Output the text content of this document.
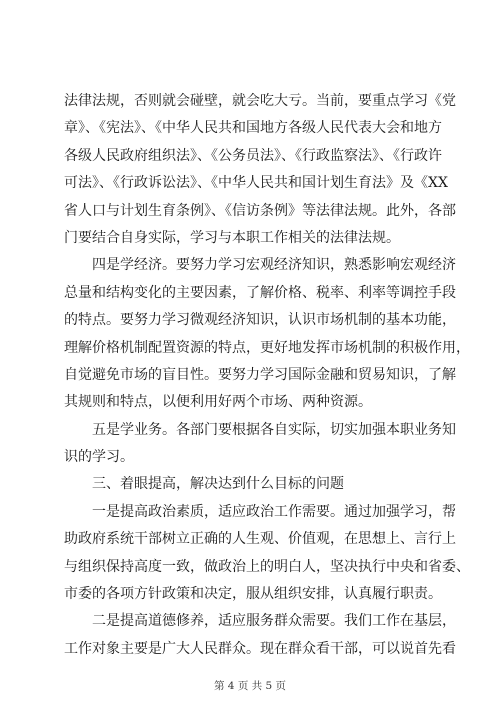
法律法规，否则就会碰壁，就会吃大亏。当前，要重点学习《党
章》、《宪法》、《中华人民共和国地方各级人民代表大会和地方
各级人民政府组织法》、《公务员法》、《行政监察法》、《行政许
可法》、《行政诉讼法》、《中华人民共和国计划生育法》及《XX
省人口与计划生育条例》、《信访条例》等法律法规。此外，各部
门要结合自身实际，学习与本职工作相关的法律法规。
　　四是学经济。要努力学习宏观经济知识，熟悉影响宏观经济
总量和结构变化的主要因素，了解价格、税率、利率等调控手段
的特点。要努力学习微观经济知识，认识市场机制的基本功能，
理解价格机制配置资源的特点，更好地发挥市场机制的积极作用，
自觉避免市场的盲目性。要努力学习国际金融和贸易知识，了解
其规则和特点，以便利用好两个市场、两种资源。
　　五是学业务。各部门要根据各自实际，切实加强本职业务知
识的学习。
　　三、着眼提高，解决达到什么目标的问题
　　一是提高政治素质，适应政治工作需要。通过加强学习，帮
助政府系统干部树立正确的人生观、价值观，在思想上、言行上
与组织保持高度一致，做政治上的明白人，坚决执行中央和省委、
市委的各项方针政策和决定，服从组织安排，认真履行职责。
　　二是提高道德修养，适应服务群众需要。我们工作在基层，
工作对象主要是广大人民群众。现在群众看干部，可以说首先看
第 4 页 共 5 页
